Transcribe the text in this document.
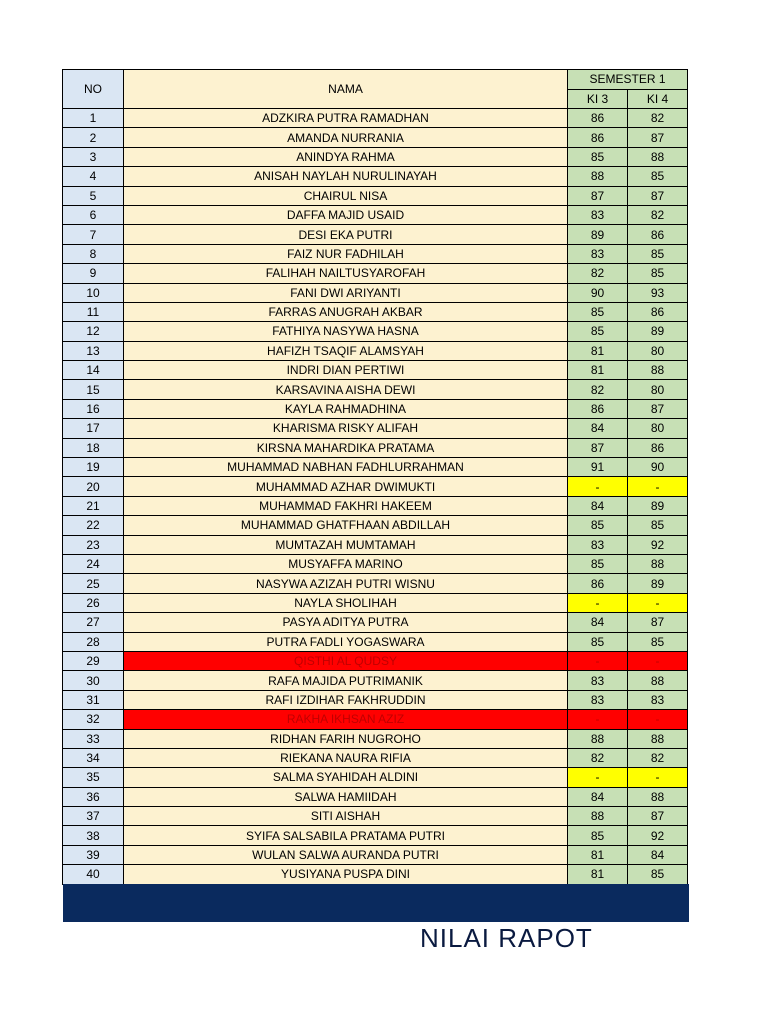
NO	NAMA	SEMESTER 1	
		KI 3	KI 4
1	ADZKIRA PUTRA RAMADHAN	86	82
2	AMANDA NURRANIA	86	87
3	ANINDYA RAHMA	85	88
4	ANISAH NAYLAH NURULINAYAH	88	85
5	CHAIRUL NISA	87	87
6	DAFFA MAJID USAID	83	82
7	DESI EKA PUTRI	89	86
8	FAIZ NUR FADHILAH	83	85
9	FALIHAH NAILTUSYAROFAH	82	85
10	FANI DWI ARIYANTI	90	93
11	FARRAS ANUGRAH AKBAR	85	86
12	FATHIYA NASYWA HASNA	85	89
13	HAFIZH TSAQIF ALAMSYAH	81	80
14	INDRI DIAN PERTIWI	81	88
15	KARSAVINA AISHA DEWI	82	80
16	KAYLA RAHMADHINA	86	87
17	KHARISMA RISKY ALIFAH	84	80
18	KIRSNA MAHARDIKA PRATAMA	87	86
19	MUHAMMAD NABHAN FADHLURRAHMAN	91	90
20	MUHAMMAD AZHAR DWIMUKTI	-	-
21	MUHAMMAD FAKHRI HAKEEM	84	89
22	MUHAMMAD GHATFHAAN ABDILLAH	85	85
23	MUMTAZAH MUMTAMAH	83	92
24	MUSYAFFA MARINO	85	88
25	NASYWA AZIZAH PUTRI WISNU	86	89
26	NAYLA SHOLIHAH	-	-
27	PASYA ADITYA PUTRA	84	87
28	PUTRA FADLI YOGASWARA	85	85
29	QISTHI AL QUDSY	-	-
30	RAFA MAJIDA PUTRIMANIK	83	88
31	RAFI IZDIHAR FAKHRUDDIN	83	83
32	RAKHA IKHSAN AZIZ	-	-
33	RIDHAN FARIH NUGROHO	88	88
34	RIEKANA NAURA RIFIA	82	82
35	SALMA SYAHIDAH ALDINI	-	-
36	SALWA HAMIIDAH	84	88
37	SITI AISHAH	88	87
38	SYIFA SALSABILA PRATAMA PUTRI	85	92
39	WULAN SALWA AURANDA PUTRI	81	84
40	YUSIYANA PUSPA DINI	81	85
NILAI RAPOT
